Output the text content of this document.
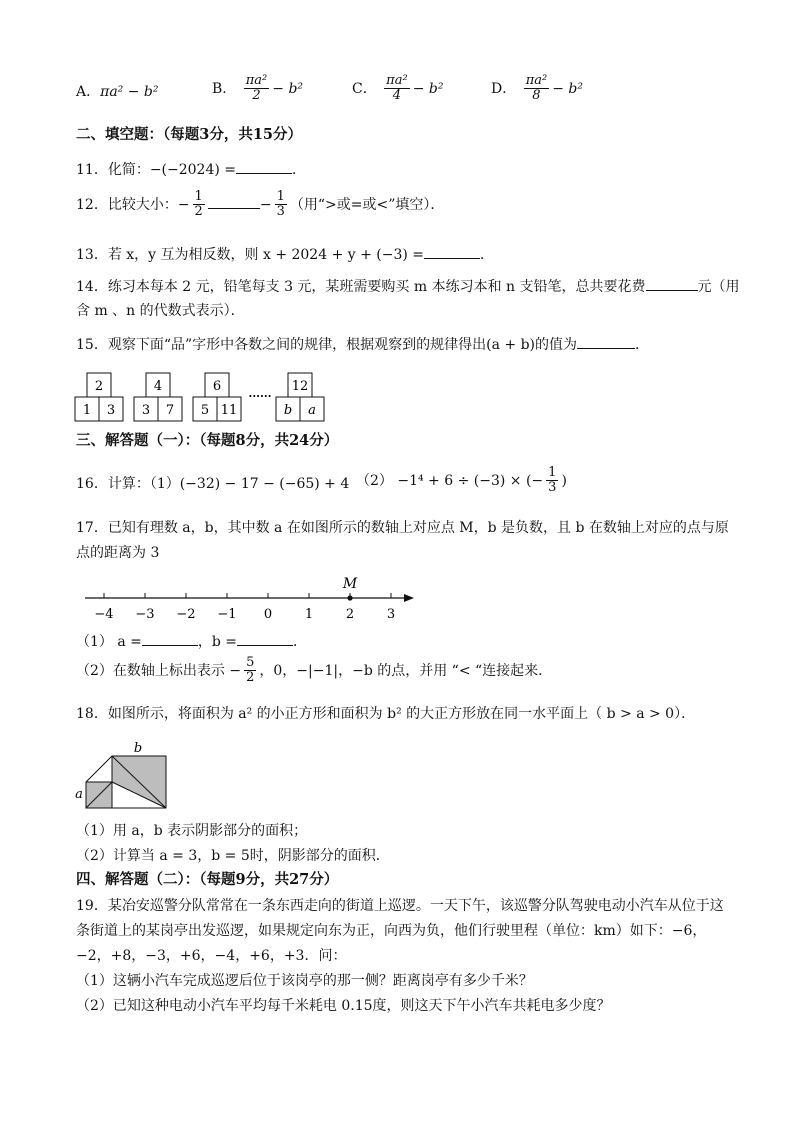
A．πa² − b²	B． $\frac{\text{πa²}}{2} - b^2$	C． $\frac{\text{πa²}}{4} - b^2$	D． $\frac{\text{πa²}}{8} - b^2$
二、填空题：（每题3分，共15分）
11．化简：−(−2024) =	．
12．比较大小：− $\frac{1}{2}$	− $\frac{1}{3}$ （用“>或=或<”填空）．
13．若 x，y 互为相反数，则 x + 2024 + y + (−3) =	．
14．练习本每本 2 元，铅笔每支 3 元，某班需要购买 m 本练习本和 n 支铅笔，总共要花费	元（用
含 m 、n 的代数式表示）．
15．观察下面“品”字形中各数之间的规律，根据观察到的规律得出(a + b)的值为	．
2
1 3
4
3 7
6
5 11
······
12
b a
三、解答题（一）：（每题8分，共24分）
16．计算：（1）(−32) − 17 − (−65) + 4 （2） −1⁴ + 6 ÷ (−3) × (− $\frac{1}{3}$ )
17．已知有理数 a，b，其中数 a 在如图所示的数轴上对应点 M，b 是负数，且 b 在数轴上对应的点与原
点的距离为 3
−4 −3 −2 −1 0	1	2	3
M
（1） a =	，b =	．
（2）在数轴上标出表示 − $\frac{5}{2}$ ，0，−|−1|，−b 的点，并用 “< “连接起来.
18．如图所示，将面积为 a² 的小正方形和面积为 b² 的大正方形放在同一水平面上（ b > a > 0）．
b
a
（1）用 a，b 表示阴影部分的面积；
（2）计算当 a = 3，b = 5时，阴影部分的面积．
四、解答题（二）：（每题9分，共27分）
19．某冶安巡警分队常常在一条东西走向的街道上巡逻。一天下午，该巡警分队驾驶电动小汽车从位于这
条街道上的某岗亭出发巡逻，如果规定向东为正，向西为负，他们行驶里程（单位：km）如下：−6，
−2，+8，−3，+6，−4，+6，+3．问：
（1）这辆小汽车完成巡逻后位于该岗亭的那一侧？距离岗亭有多少千米？
（2）已知这种电动小汽车平均每千米耗电 0.15度，则这天下午小汽车共耗电多少度？
